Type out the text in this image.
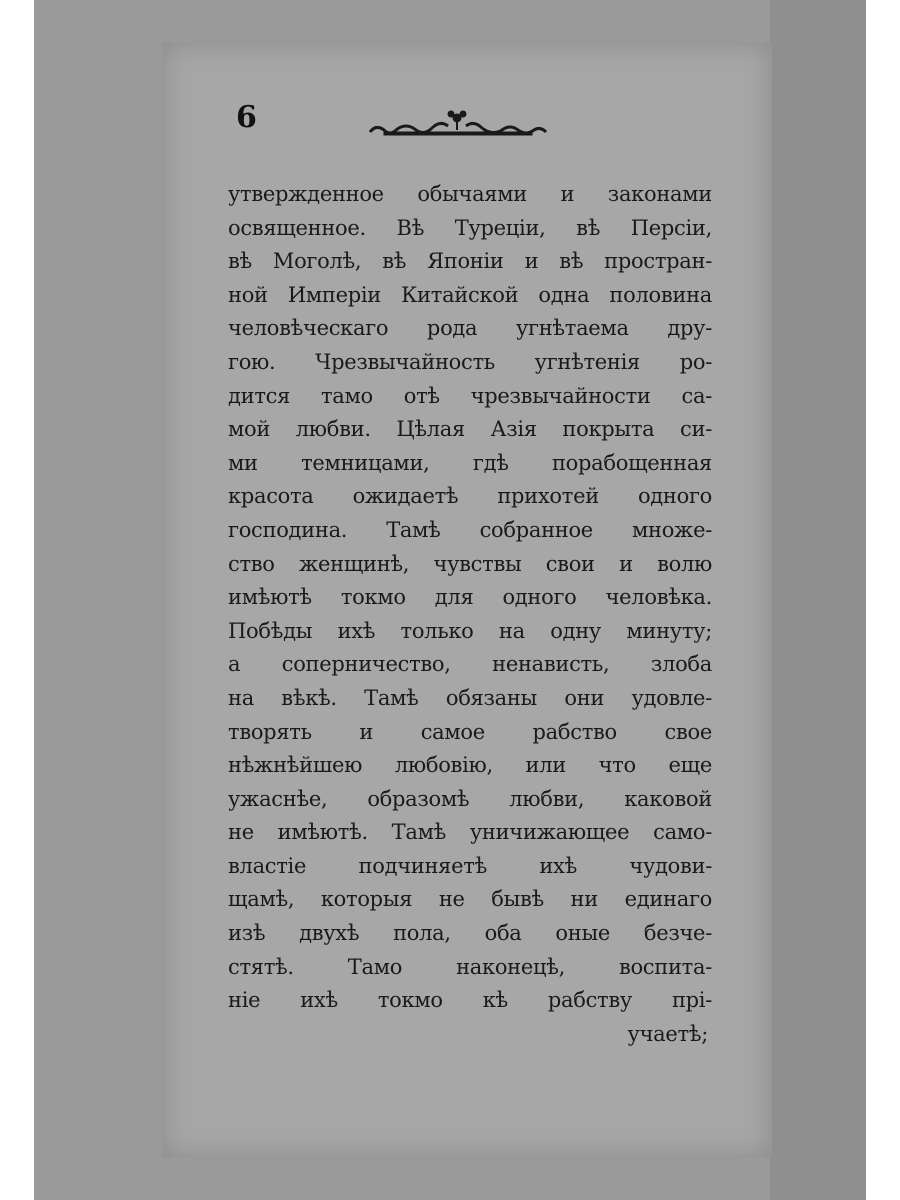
6
утвержденное обычаями и законами
освященное. Вѣ Турецiи, вѣ Персiи,
вѣ Моголѣ, вѣ Японiи и вѣ простран-
ной Имперiи Китайской одна половина
человѣческаго рода угнѣтаема дру-
гою. Чрезвычайность угнѣтенiя ро-
дится тамо отѣ чрезвычайности са-
мой любви. Цѣлая Азiя покрыта си-
ми темницами, гдѣ порабощенная
красота ожидаетѣ прихотей одного
господина. Тамѣ собранное множе-
ство женщинѣ, чувствы свои и волю
имѣютѣ токмо для одного человѣка.
Побѣды ихѣ только на одну минуту;
а соперничество, ненависть, злоба
на вѣкѣ. Тамѣ обязаны они удовле-
творять и самое рабство свое
нѣжнѣйшею любовiю, или что еще
ужаснѣе, образомѣ любви, каковой
не имѣютѣ. Тамѣ уничижающее само-
властiе подчиняетѣ ихѣ чудови-
щамѣ, которыя не бывѣ ни единаго
изѣ двухѣ пола, оба оные безче-
стятѣ. Тамо наконецѣ, воспита-
нiе ихѣ токмо кѣ рабству прi-
учаетѣ;
